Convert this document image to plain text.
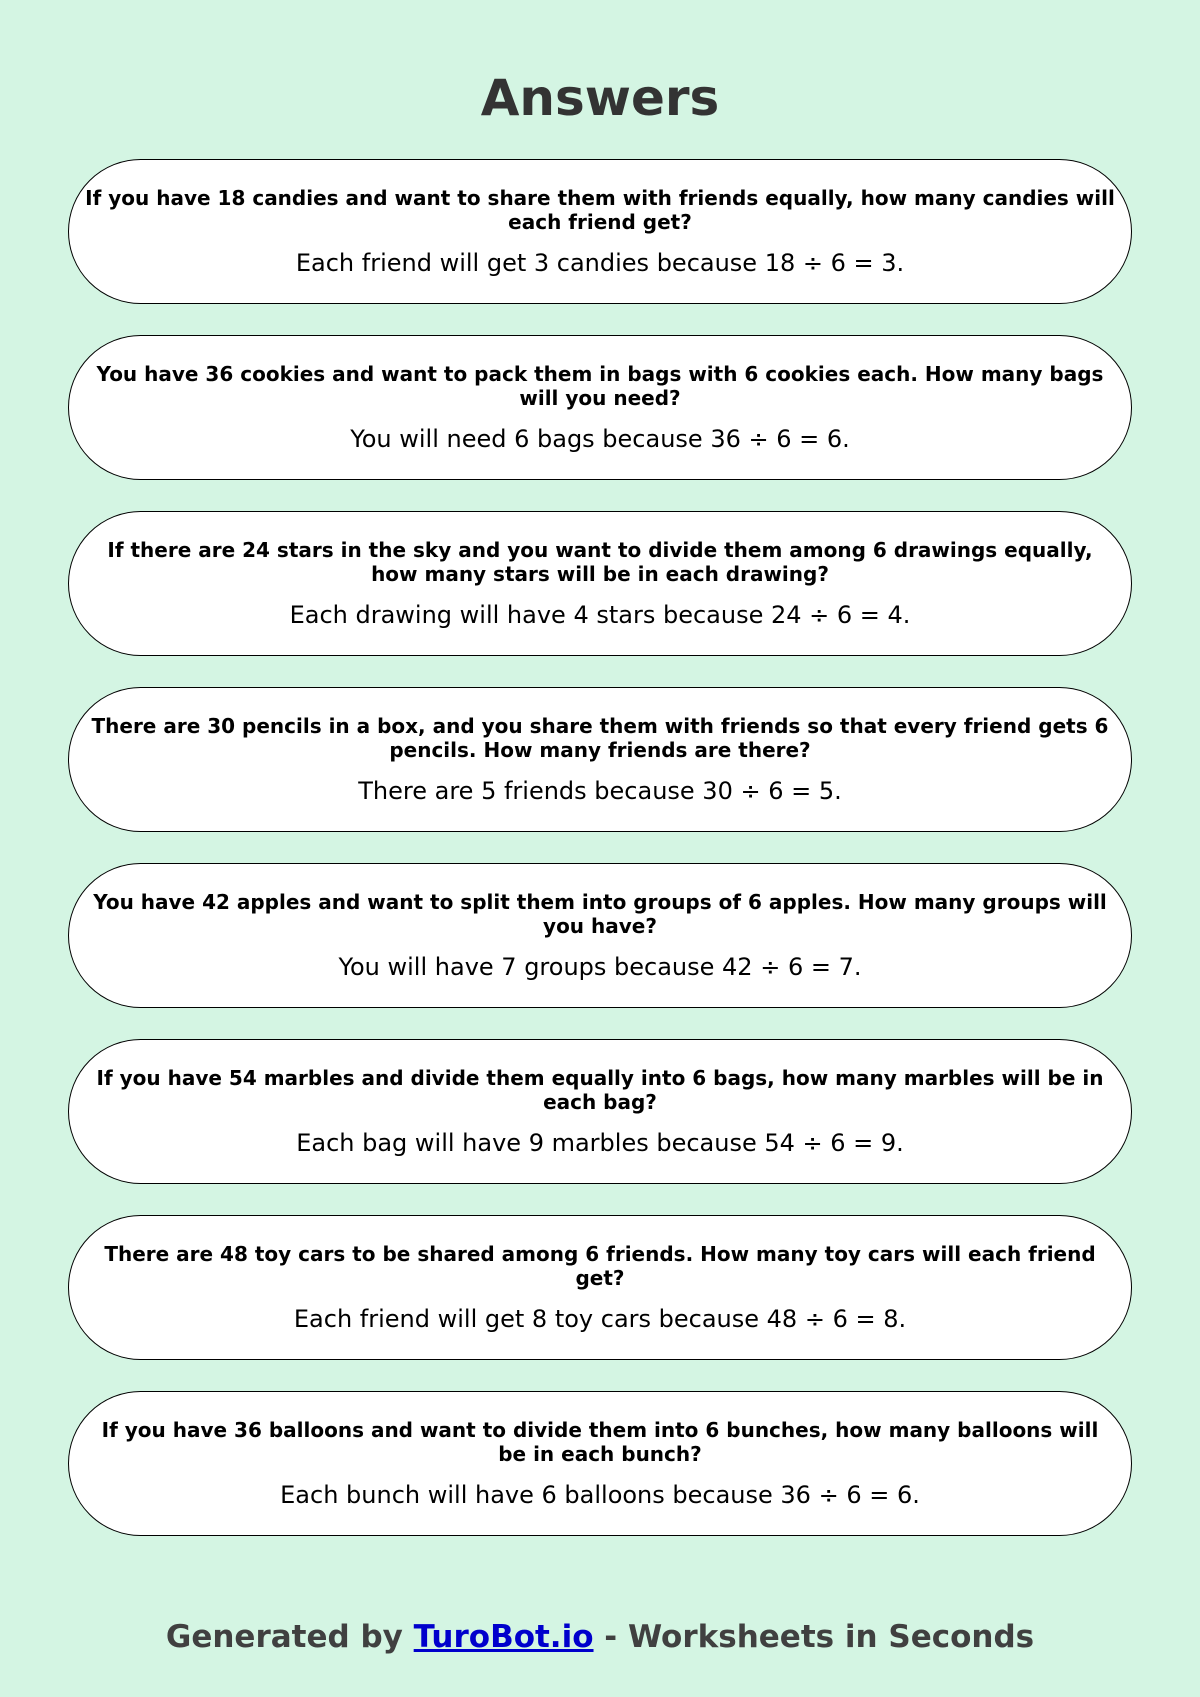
Answers

If you have 18 candies and want to share them with friends equally, how many candies will each friend get?

Each friend will get 3 candies because 18 ÷ 6 = 3.

You have 36 cookies and want to pack them in bags with 6 cookies each. How many bags will you need?

You will need 6 bags because 36 ÷ 6 = 6.

If there are 24 stars in the sky and you want to divide them among 6 drawings equally, how many stars will be in each drawing?

Each drawing will have 4 stars because 24 ÷ 6 = 4.

There are 30 pencils in a box, and you share them with friends so that every friend gets 6 pencils. How many friends are there?

There are 5 friends because 30 ÷ 6 = 5.

You have 42 apples and want to split them into groups of 6 apples. How many groups will you have?

You will have 7 groups because 42 ÷ 6 = 7.

If you have 54 marbles and divide them equally into 6 bags, how many marbles will be in each bag?

Each bag will have 9 marbles because 54 ÷ 6 = 9.

There are 48 toy cars to be shared among 6 friends. How many toy cars will each friend get?

Each friend will get 8 toy cars because 48 ÷ 6 = 8.

If you have 36 balloons and want to divide them into 6 bunches, how many balloons will be in each bunch?

Each bunch will have 6 balloons because 36 ÷ 6 = 6.

Generated by TuroBot.io - Worksheets in Seconds
